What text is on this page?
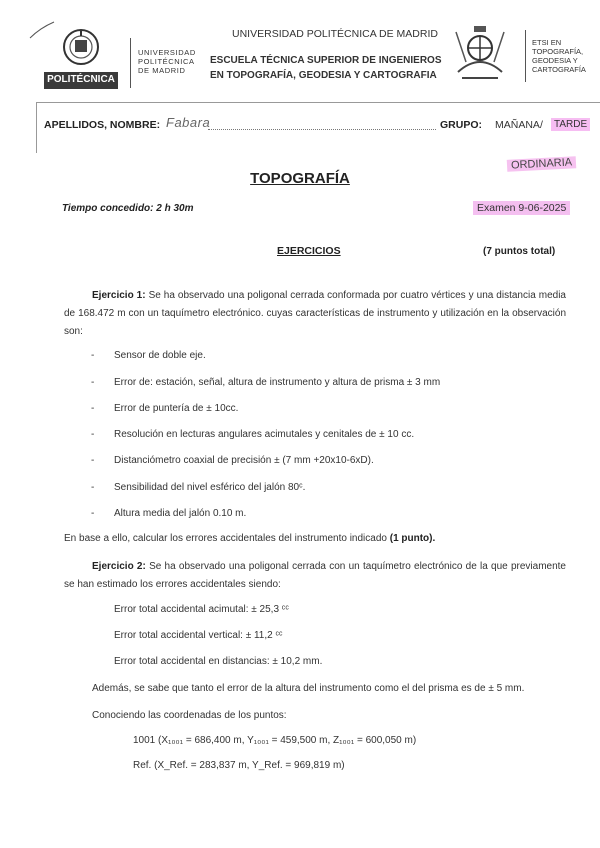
POLITÉCNICA
UNIVERSIDAD
POLITÉCNICA
DE MADRID
UNIVERSIDAD POLITÉCNICA DE MADRID
ESCUELA TÉCNICA SUPERIOR DE INGENIEROS
EN TOPOGRAFÍA, GEODESIA Y CARTOGRAFIA
ETSI EN
TOPOGRAFÍA,
GEODESIA Y
CARTOGRAFÍA
APELLIDOS, NOMBRE: Fabara	GRUPO: MAÑANA /	TARDE
ORDINARIA
TOPOGRAFÍA
Tiempo concedido: 2 h 30m	Examen 9-06-2025
EJERCICIOS	(7 puntos total)
Ejercicio 1: Se ha observado una poligonal cerrada conformada por cuatro vértices y una distancia media de 168.472 m con un taquímetro electrónico. cuyas características de instrumento y utilización en la observación son:
- Sensor de doble eje.
- Error de: estación, señal, altura de instrumento y altura de prisma ± 3 mm
- Error de puntería de ± 10cc.
- Resolución en lecturas angulares acimutales y cenitales de ± 10 cc.
- Distanciómetro coaxial de precisión ± (7 mm +20x10-6xD).
- Sensibilidad del nivel esférico del jalón 80ᶜ.
- Altura media del jalón 0.10 m.
En base a ello, calcular los errores accidentales del instrumento indicado (1 punto).
Ejercicio 2: Se ha observado una poligonal cerrada con un taquímetro electrónico de la que previamente se han estimado los errores accidentales siendo:
Error total accidental acimutal: ± 25,3 ᶜᶜ
Error total accidental vertical: ± 11,2 ᶜᶜ
Error total accidental en distancias: ± 10,2 mm.
Además, se sabe que tanto el error de la altura del instrumento como el del prisma es de ± 5 mm.
Conociendo las coordenadas de los puntos:
1001 (X₁₀₀₁ = 686,400 m, Y₁₀₀₁ = 459,500 m, Z₁₀₀₁ = 600,050 m)
Ref. (X_Ref. = 283,837 m, Y_Ref. = 969,819 m)
